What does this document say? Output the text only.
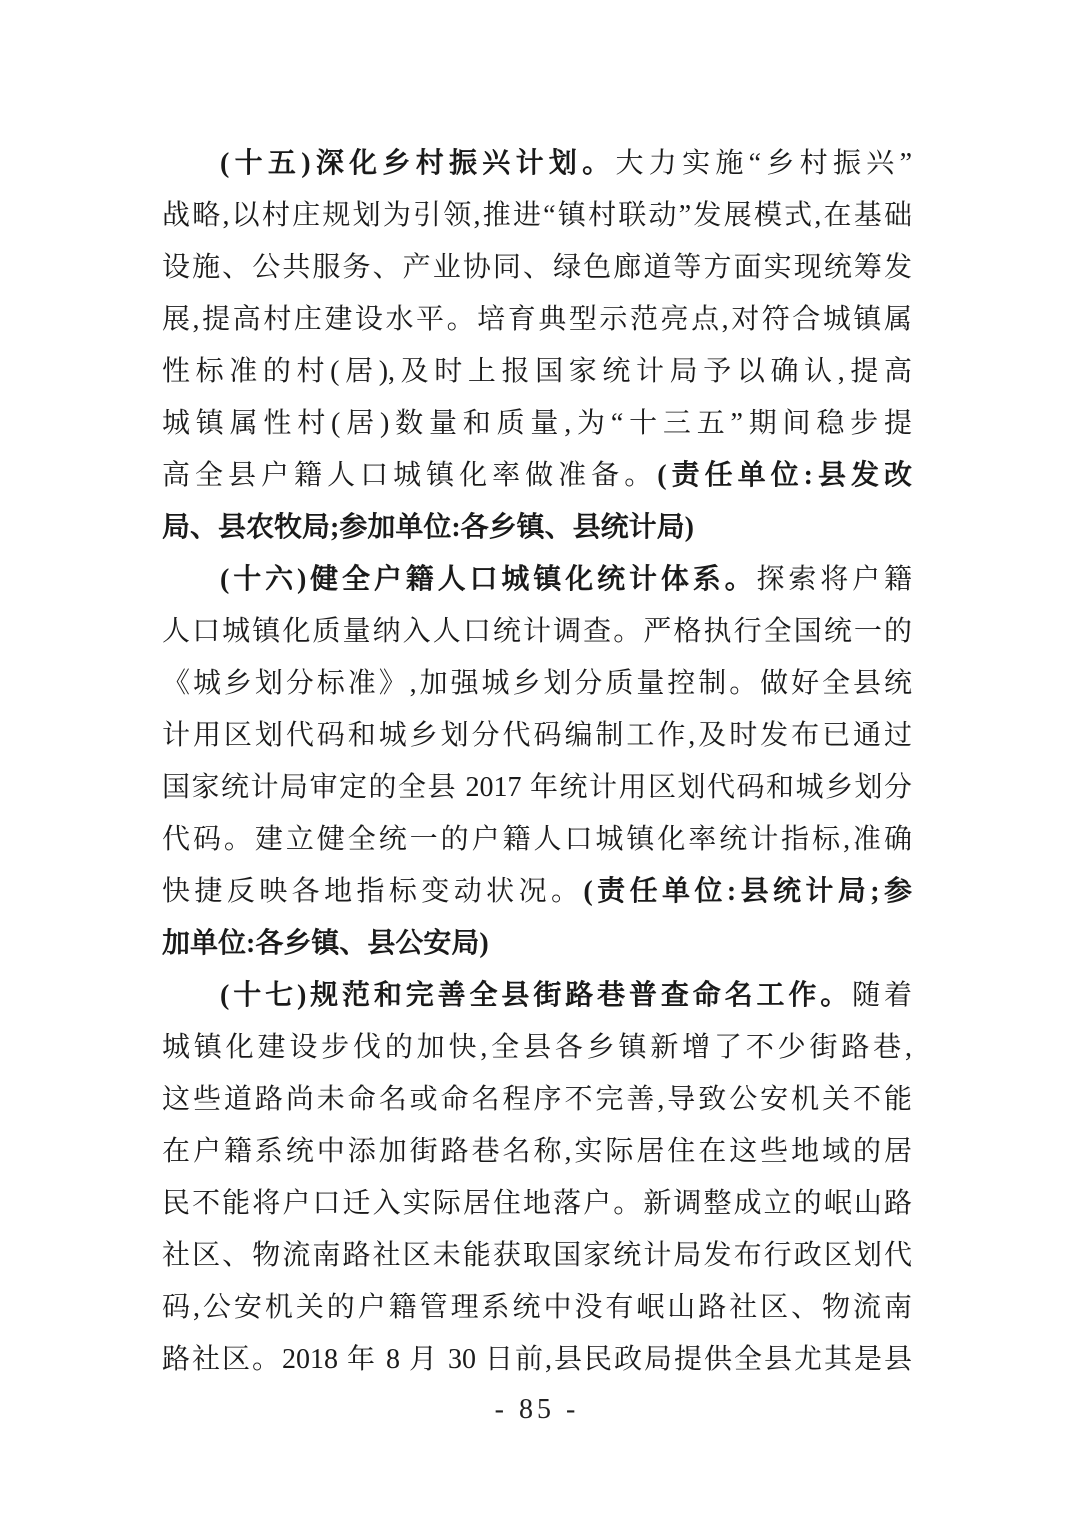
(十五)深化乡村振兴计划。大力实施“乡村振兴”
战略,以村庄规划为引领,推进“镇村联动”发展模式,在基础
设施、公共服务、产业协同、绿色廊道等方面实现统筹发
展,提高村庄建设水平。培育典型示范亮点,对符合城镇属
性标准的村(居),及时上报国家统计局予以确认,提高
城镇属性村(居)数量和质量,为“十三五”期间稳步提
高全县户籍人口城镇化率做准备。(责任单位:县发改
局、县农牧局;参加单位:各乡镇、县统计局)
(十六)健全户籍人口城镇化统计体系。探索将户籍
人口城镇化质量纳入人口统计调查。严格执行全国统一的
《城乡划分标准》,加强城乡划分质量控制。做好全县统
计用区划代码和城乡划分代码编制工作,及时发布已通过
国家统计局审定的全县 2017 年统计用区划代码和城乡划分
代码。建立健全统一的户籍人口城镇化率统计指标,准确
快捷反映各地指标变动状况。(责任单位:县统计局;参
加单位:各乡镇、县公安局)
(十七)规范和完善全县街路巷普查命名工作。随着
城镇化建设步伐的加快,全县各乡镇新增了不少街路巷,
这些道路尚未命名或命名程序不完善,导致公安机关不能
在户籍系统中添加街路巷名称,实际居住在这些地域的居
民不能将户口迁入实际居住地落户。新调整成立的岷山路
社区、物流南路社区未能获取国家统计局发布行政区划代
码,公安机关的户籍管理系统中没有岷山路社区、物流南
路社区。2018 年 8 月 30 日前,县民政局提供全县尤其是县
- 85 -
